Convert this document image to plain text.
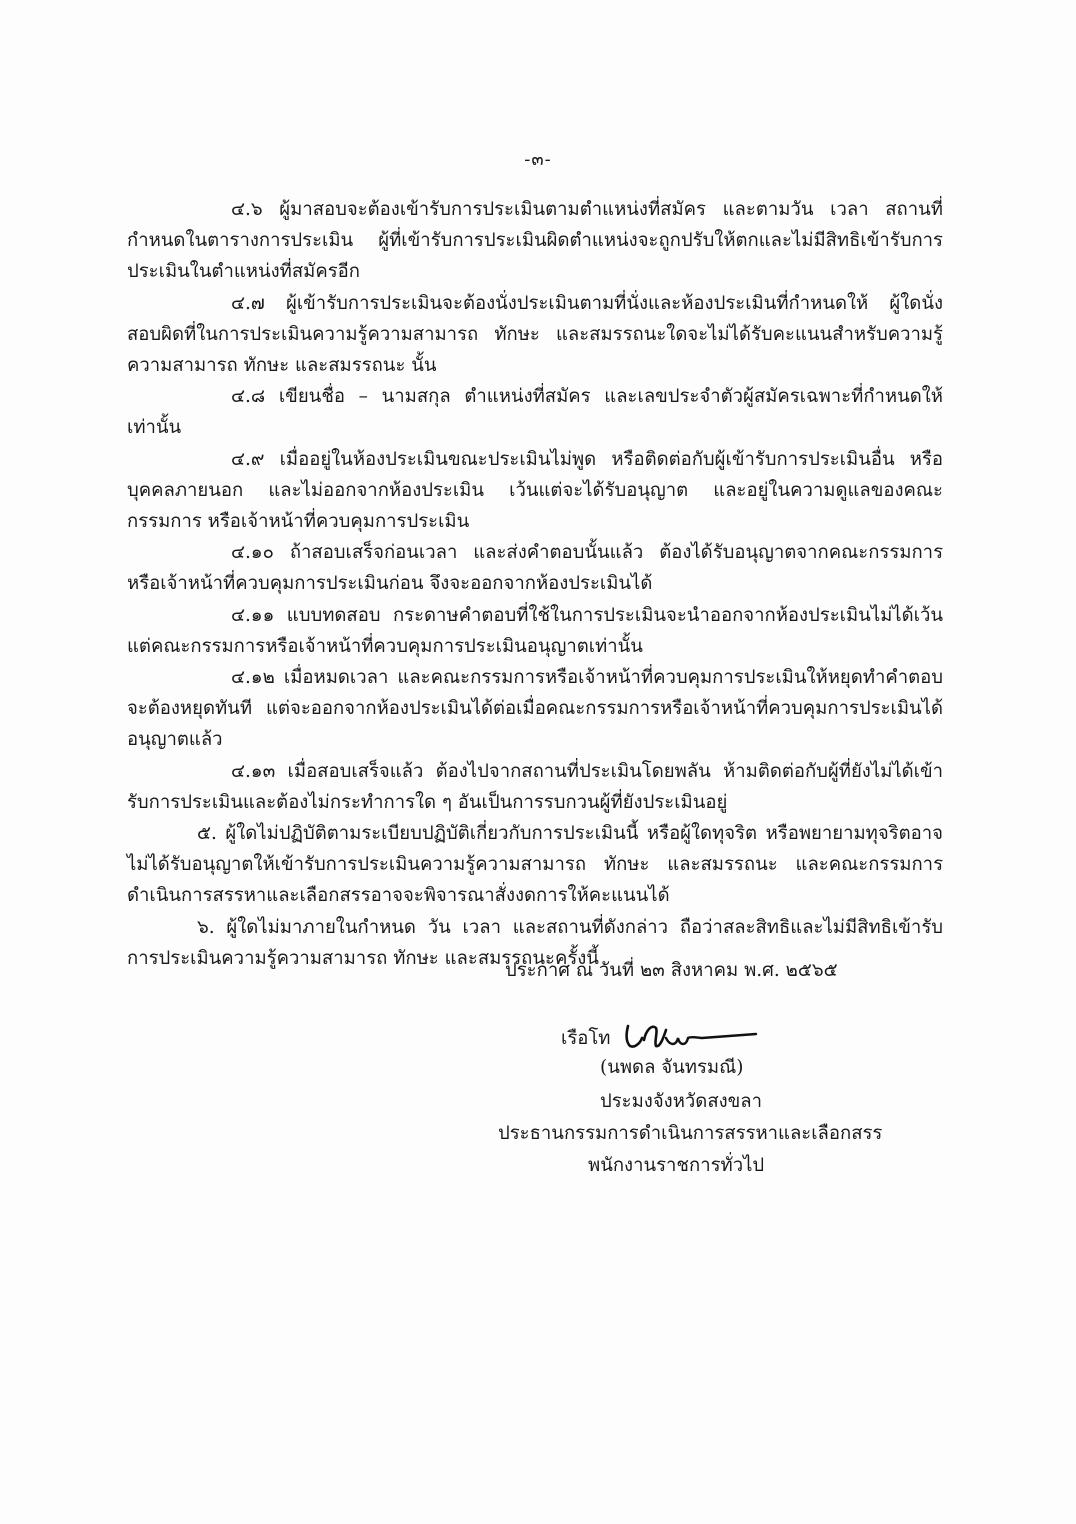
-๓-

๔.๖ ผู้มาสอบจะต้องเข้ารับการประเมินตามตำแหน่งที่สมัคร และตามวัน เวลา สถานที่กำหนดในตารางการประเมิน ผู้ที่เข้ารับการประเมินผิดตำแหน่งจะถูกปรับให้ตกและไม่มีสิทธิเข้ารับการประเมินในตำแหน่งที่สมัครอีก

๔.๗ ผู้เข้ารับการประเมินจะต้องนั่งประเมินตามที่นั่งและห้องประเมินที่กำหนดให้ ผู้ใดนั่งสอบผิดที่ในการประเมินความรู้ความสามารถ ทักษะ และสมรรถนะใดจะไม่ได้รับคะแนนสำหรับความรู้ความสามารถ ทักษะ และสมรรถนะ นั้น

๔.๘ เขียนชื่อ – นามสกุล ตำแหน่งที่สมัคร และเลขประจำตัวผู้สมัครเฉพาะที่กำหนดให้เท่านั้น

๔.๙ เมื่ออยู่ในห้องประเมินขณะประเมินไม่พูด หรือติดต่อกับผู้เข้ารับการประเมินอื่น หรือบุคคลภายนอก และไม่ออกจากห้องประเมิน เว้นแต่จะได้รับอนุญาต และอยู่ในความดูแลของคณะกรรมการ หรือเจ้าหน้าที่ควบคุมการประเมิน

๔.๑๐ ถ้าสอบเสร็จก่อนเวลา และส่งคำตอบนั้นแล้ว ต้องได้รับอนุญาตจากคณะกรรมการหรือเจ้าหน้าที่ควบคุมการประเมินก่อน จึงจะออกจากห้องประเมินได้

๔.๑๑ แบบทดสอบ กระดาษคำตอบที่ใช้ในการประเมินจะนำออกจากห้องประเมินไม่ได้เว้นแต่คณะกรรมการหรือเจ้าหน้าที่ควบคุมการประเมินอนุญาตเท่านั้น

๔.๑๒ เมื่อหมดเวลา และคณะกรรมการหรือเจ้าหน้าที่ควบคุมการประเมินให้หยุดทำคำตอบ จะต้องหยุดทันที แต่จะออกจากห้องประเมินได้ต่อเมื่อคณะกรรมการหรือเจ้าหน้าที่ควบคุมการประเมินได้อนุญาตแล้ว

๔.๑๓ เมื่อสอบเสร็จแล้ว ต้องไปจากสถานที่ประเมินโดยพลัน ห้ามติดต่อกับผู้ที่ยังไม่ได้เข้ารับการประเมินและต้องไม่กระทำการใด ๆ อันเป็นการรบกวนผู้ที่ยังประเมินอยู่

๕. ผู้ใดไม่ปฏิบัติตามระเบียบปฏิบัติเกี่ยวกับการประเมินนี้ หรือผู้ใดทุจริต หรือพยายามทุจริตอาจไม่ได้รับอนุญาตให้เข้ารับการประเมินความรู้ความสามารถ ทักษะ และสมรรถนะ และคณะกรรมการดำเนินการสรรหาและเลือกสรรอาจจะพิจารณาสั่งงดการให้คะแนนได้

๖. ผู้ใดไม่มาภายในกำหนด วัน เวลา และสถานที่ดังกล่าว ถือว่าสละสิทธิและไม่มีสิทธิเข้ารับการประเมินความรู้ความสามารถ ทักษะ และสมรรถนะครั้งนี้

ประกาศ ณ วันที่ ๒๓ สิงหาคม พ.ศ. ๒๕๖๕
เรือโท
(นพดล จันทรมณี)
ประมงจังหวัดสงขลา
ประธานกรรมการดำเนินการสรรหาและเลือกสรร
พนักงานราชการทั่วไป
